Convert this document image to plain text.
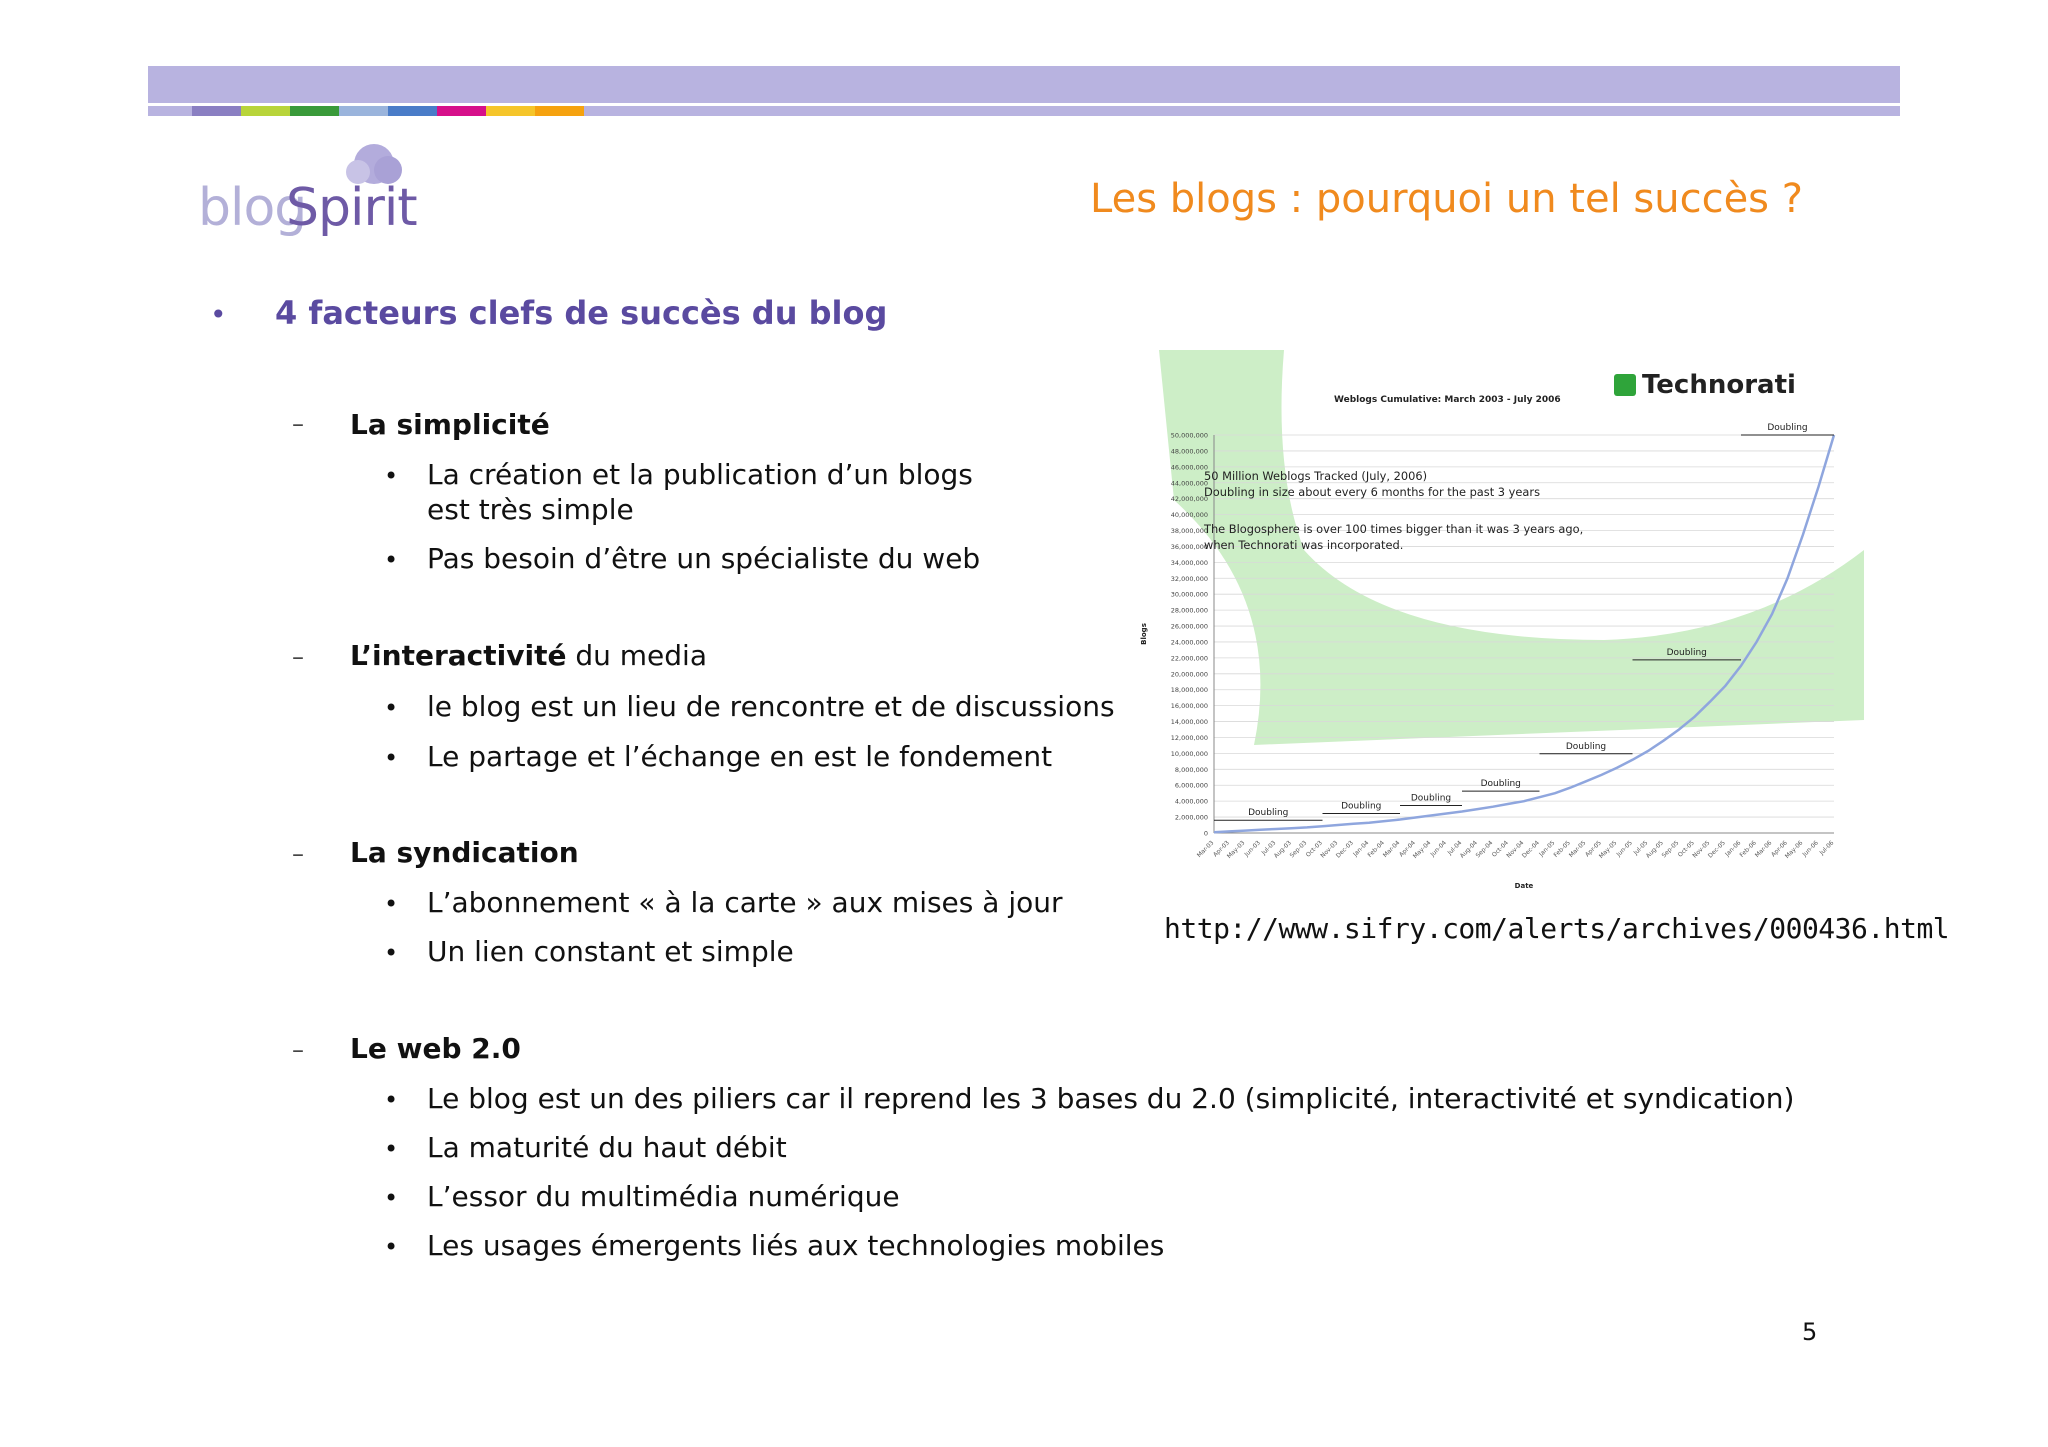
blog
Spirit	Les blogs : pourquoi un tel succès ?
• 4 facteurs clefs de succès du blog
– La simplicité
• La création et la publication d’un blogs
est très simple
• Pas besoin d’être un spécialiste du web
– L’interactivité du media
• le blog est un lieu de rencontre et de discussions
• Le partage et l’échange en est le fondement
– La syndication
• L’abonnement « à la carte » aux mises à jour
• Un lien constant et simple
– Le web 2.0
• Le blog est un des piliers car il reprend les 3 bases du 2.0 (simplicité, interactivité et syndication)
• La maturité du haut débit
• L’essor du multimédia numérique
• Les usages émergents liés aux technologies mobiles
0
2,000,000
4,000,000
6,000,000
8,000,000
10,000,000
12,000,000
14,000,000
16,000,000
18,000,000
20,000,000
22,000,000
24,000,000
26,000,000
28,000,000
30,000,000
32,000,000
34,000,000
36,000,000
38,000,000
40,000,000
42,000,000
44,000,000
46,000,000
48,000,000
50,000,000
Mar-03
Apr-03
May-03
Jun-03
Jul-03
Aug-03
Sep-03
Oct-03
Nov-03
Dec-03
Jan-04
Feb-04
Mar-04
Apr-04
May-04
Jun-04
Jul-04
Aug-04
Sep-04
Oct-04
Nov-04
Dec-04
Jan-05
Feb-05
Mar-05
Apr-05
May-05
Jun-05
Jul-05
Aug-05
Sep-05
Oct-05
Nov-05
Dec-05
Jan-06
Feb-06
Mar-06
Apr-06
May-06
Jun-06
Jul-06
Date
Blogs
Weblogs Cumulative: March 2003 - July 2006	Technorati
50 Million Weblogs Tracked (July, 2006)
Doubling in size about every 6 months for the past 3 years
The Blogosphere is over 100 times bigger than it was 3 years ago,
when Technorati was incorporated.
Doubling
Doubling
Doubling
Doubling
Doubling
Doubling
Doubling
http://www.sifry.com/alerts/archives/000436.html
5
